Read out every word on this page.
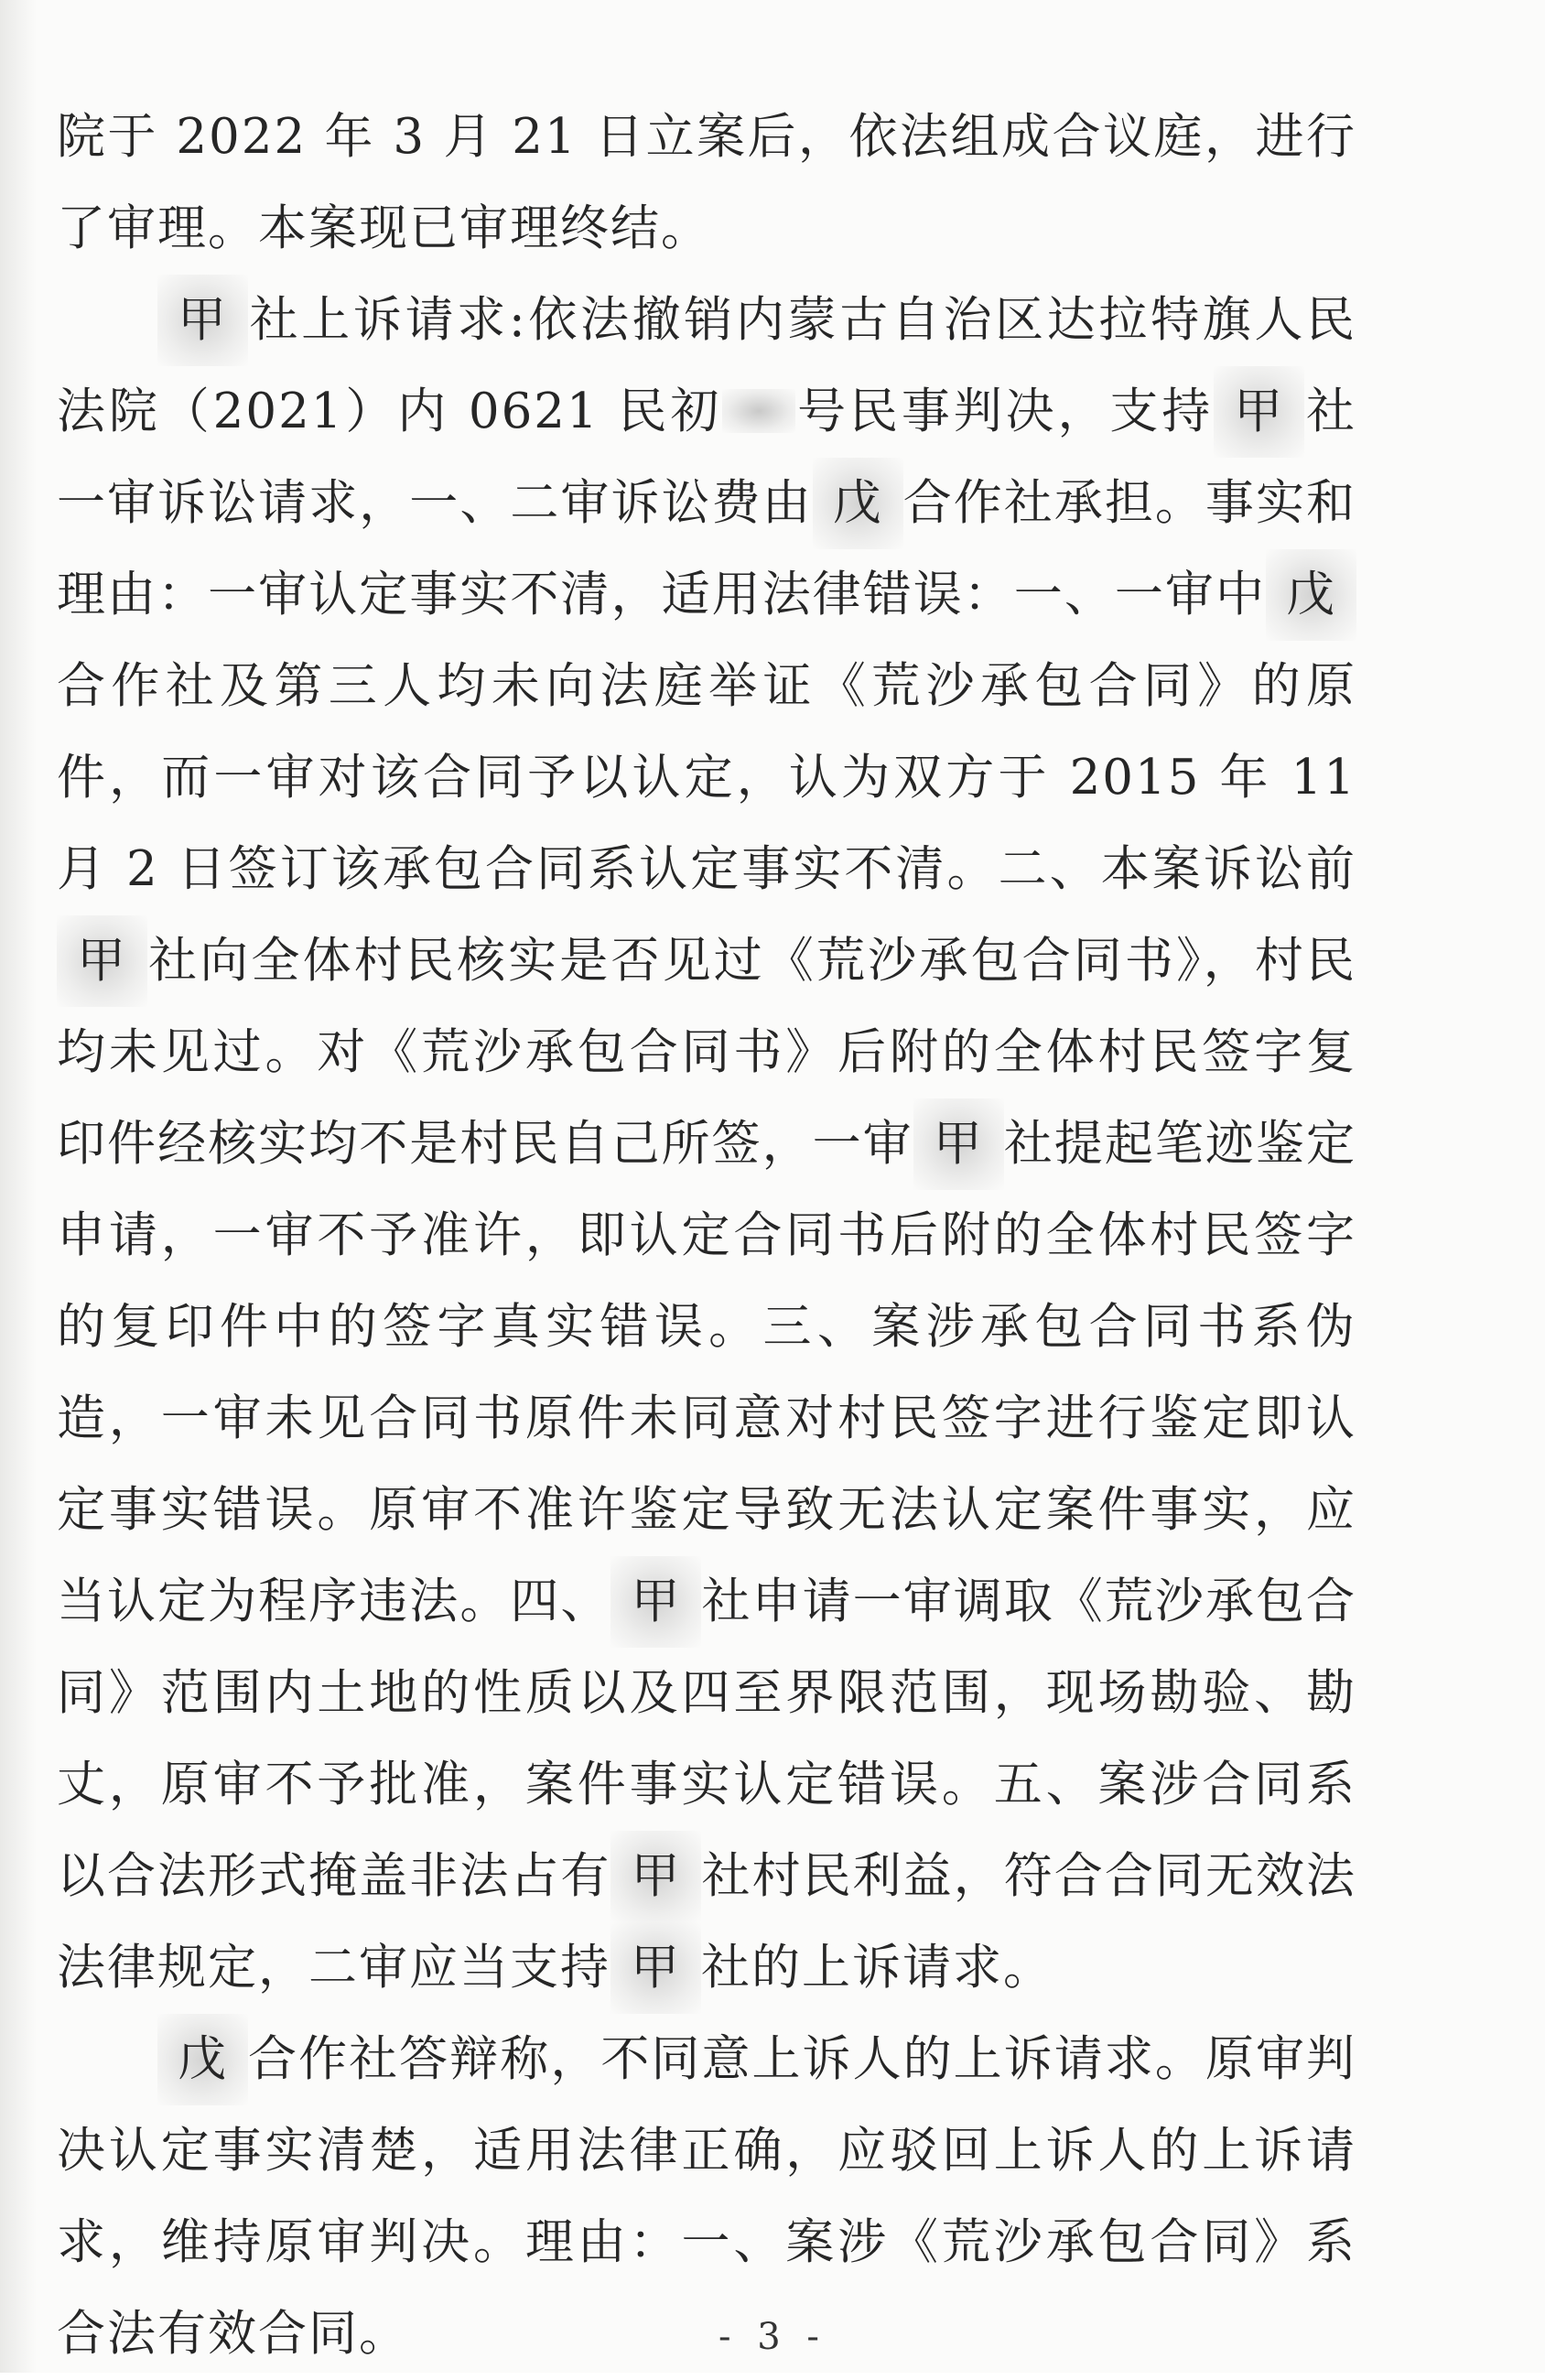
院于 2022 年 3 月 21 日立案后，依法组成合议庭，进行了审理。本案现已审理终结。

甲 社上诉请求:依法撤销内蒙古自治区达拉特旗人民法院（2021）内 0621 民初 号民事判决，支持 甲 社一审诉讼请求，一、二审诉讼费由 戊 合作社承担。事实和理由：一审认定事实不清，适用法律错误：一、一审中 戊合作社及第三人均未向法庭举证《荒沙承包合同》的原件，而一审对该合同予以认定，认为双方于 2015 年 11 月 2 日签订该承包合同系认定事实不清。二、本案诉讼前甲 社向全体村民核实是否见过《荒沙承包合同书》，村民均未见过。对《荒沙承包合同书》后附的全体村民签字复印件经核实均不是村民自己所签，一审 甲 社提起笔迹鉴定申请，一审不予准许，即认定合同书后附的全体村民签字的复印件中的签字真实错误。三、案涉承包合同书系伪造，一审未见合同书原件未同意对村民签字进行鉴定即认定事实错误。原审不准许鉴定导致无法认定案件事实，应当认定为程序违法。四、 甲 社申请一审调取《荒沙承包合同》范围内土地的性质以及四至界限范围，现场勘验、勘丈，原审不予批准，案件事实认定错误。五、案涉合同系以合法形式掩盖非法占有 甲 社村民利益，符合合同无效法法律规定，二审应当支持 甲 社的上诉请求。

戊 合作社答辩称，不同意上诉人的上诉请求。原审判决认定事实清楚，适用法律正确，应驳回上诉人的上诉请求，维持原审判决。理由：一、案涉《荒沙承包合同》系合法有效合同。	- 3 -
